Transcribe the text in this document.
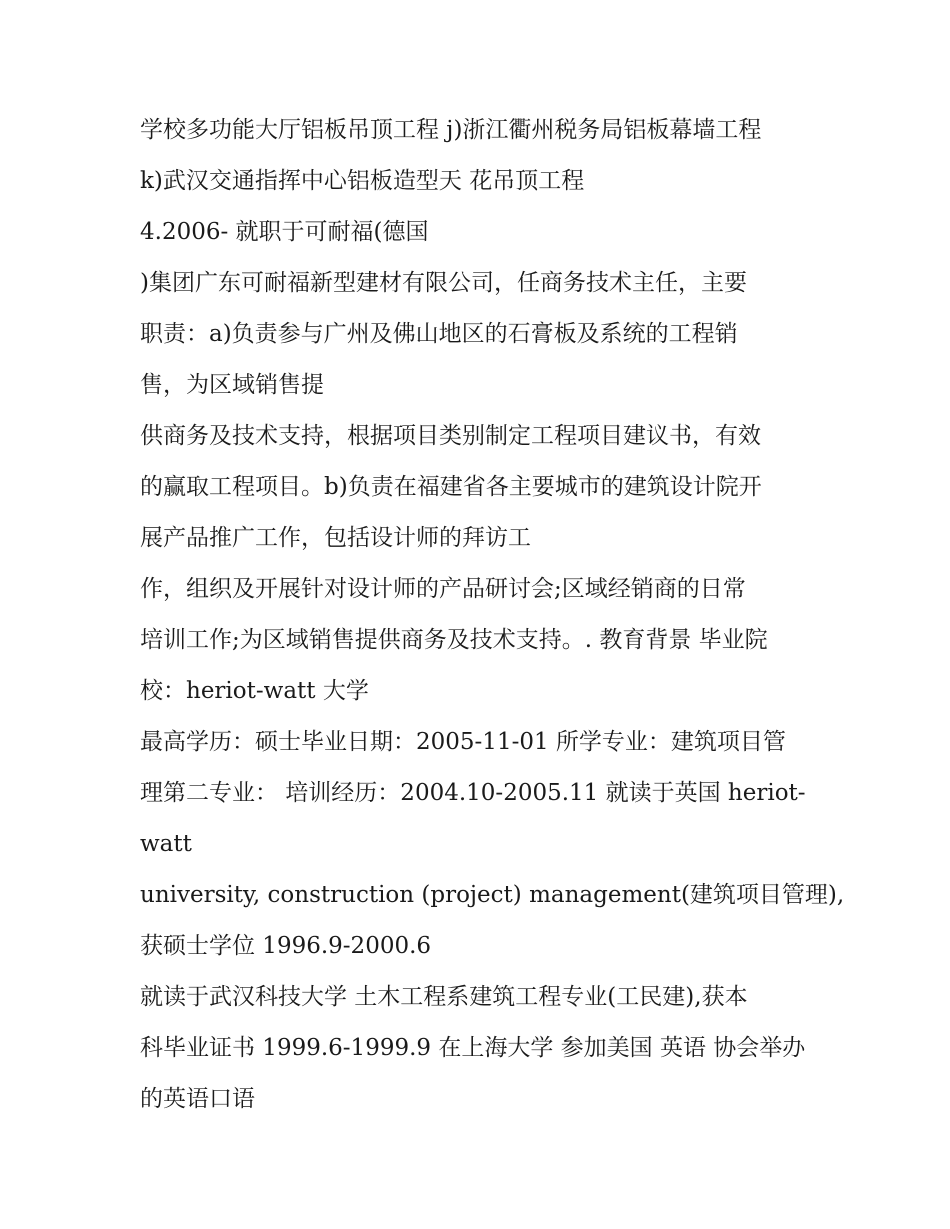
学校多功能大厅铝板吊顶工程 j)浙江衢州税务局铝板幕墙工程
k)武汉交通指挥中心铝板造型天 花吊顶工程
4.2006- 就职于可耐福(德国
)集团广东可耐福新型建材有限公司，任商务技术主任，主要
职责：a)负责参与广州及佛山地区的石膏板及系统的工程销
售，为区域销售提
供商务及技术支持，根据项目类别制定工程项目建议书，有效
的赢取工程项目。b)负责在福建省各主要城市的建筑设计院开
展产品推广工作，包括设计师的拜访工
作，组织及开展针对设计师的产品研讨会;区域经销商的日常
培训工作;为区域销售提供商务及技术支持。. 教育背景 毕业院
校：heriot-watt 大学
最高学历：硕士毕业日期：2005-11-01 所学专业：建筑项目管
理第二专业： 培训经历：2004.10-2005.11 就读于英国 heriot-
watt
university, construction (project) management(建筑项目管理),
获硕士学位 1996.9-2000.6
就读于武汉科技大学 土木工程系建筑工程专业(工民建),获本
科毕业证书 1999.6-1999.9 在上海大学 参加美国 英语 协会举办
的英语口语
